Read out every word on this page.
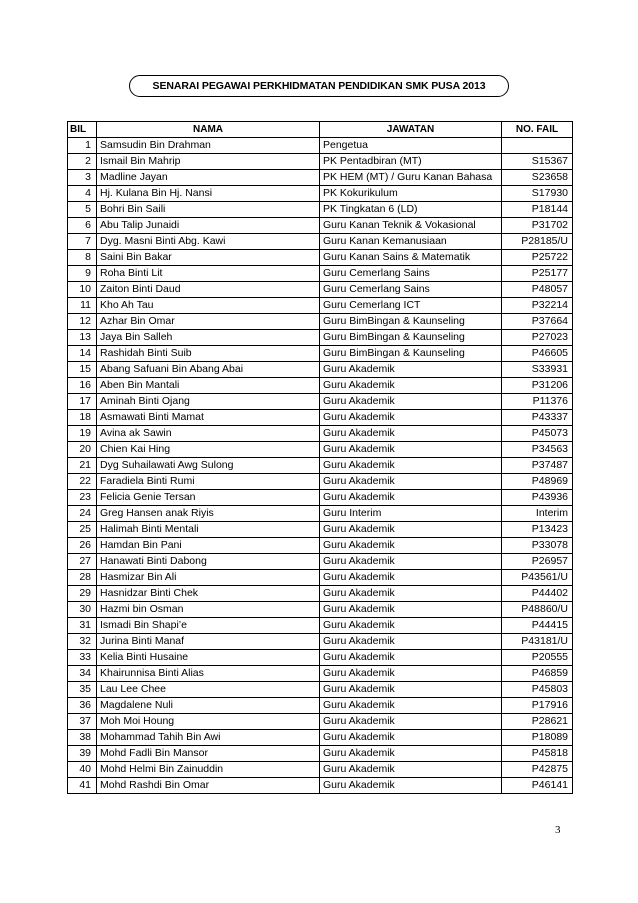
SENARAI PEGAWAI PERKHIDMATAN PENDIDIKAN SMK PUSA 2013
BIL	NAMA	JAWATAN	NO. FAIL
1	Samsudin Bin Drahman	Pengetua	
2	Ismail Bin Mahrip	PK Pentadbiran (MT)	S15367
3	Madline Jayan	PK HEM (MT) / Guru Kanan Bahasa	S23658
4	Hj. Kulana Bin Hj. Nansi	PK Kokurikulum	S17930
5	Bohri Bin Saili	PK Tingkatan 6 (LD)	P18144
6	Abu Talip Junaidi	Guru Kanan Teknik & Vokasional	P31702
7	Dyg. Masni Binti Abg. Kawi	Guru Kanan Kemanusiaan	P28185/U
8	Saini Bin Bakar	Guru Kanan Sains & Matematik	P25722
9	Roha Binti Lit	Guru Cemerlang Sains	P25177
10	Zaiton Binti Daud	Guru Cemerlang Sains	P48057
11	Kho Ah Tau	Guru Cemerlang ICT	P32214
12	Azhar Bin Omar	Guru BimBingan & Kaunseling	P37664
13	Jaya Bin Salleh	Guru BimBingan & Kaunseling	P27023
14	Rashidah Binti Suib	Guru BimBingan & Kaunseling	P46605
15	Abang Safuani Bin Abang Abai	Guru Akademik	S33931
16	Aben Bin Mantali	Guru Akademik	P31206
17	Aminah Binti Ojang	Guru Akademik	P11376
18	Asmawati Binti Mamat	Guru Akademik	P43337
19	Avina ak Sawin	Guru Akademik	P45073
20	Chien Kai Hing	Guru Akademik	P34563
21	Dyg Suhailawati Awg Sulong	Guru Akademik	P37487
22	Faradiela Binti Rumi	Guru Akademik	P48969
23	Felicia Genie Tersan	Guru Akademik	P43936
24	Greg Hansen anak Riyis	Guru Interim	Interim
25	Halimah Binti Mentali	Guru Akademik	P13423
26	Hamdan Bin Pani	Guru Akademik	P33078
27	Hanawati Binti Dabong	Guru Akademik	P26957
28	Hasmizar Bin Ali	Guru Akademik	P43561/U
29	Hasnidzar Binti Chek	Guru Akademik	P44402
30	Hazmi bin Osman	Guru Akademik	P48860/U
31	Ismadi Bin Shapi’e	Guru Akademik	P44415
32	Jurina Binti Manaf	Guru Akademik	P43181/U
33	Kelia Binti Husaine	Guru Akademik	P20555
34	Khairunnisa Binti Alias	Guru Akademik	P46859
35	Lau Lee Chee	Guru Akademik	P45803
36	Magdalene Nuli	Guru Akademik	P17916
37	Moh Moi Houng	Guru Akademik	P28621
38	Mohammad Tahih Bin Awi	Guru Akademik	P18089
39	Mohd Fadli Bin Mansor	Guru Akademik	P45818
40	Mohd Helmi Bin Zainuddin	Guru Akademik	P42875
41	Mohd Rashdi Bin Omar	Guru Akademik	P46141
3
